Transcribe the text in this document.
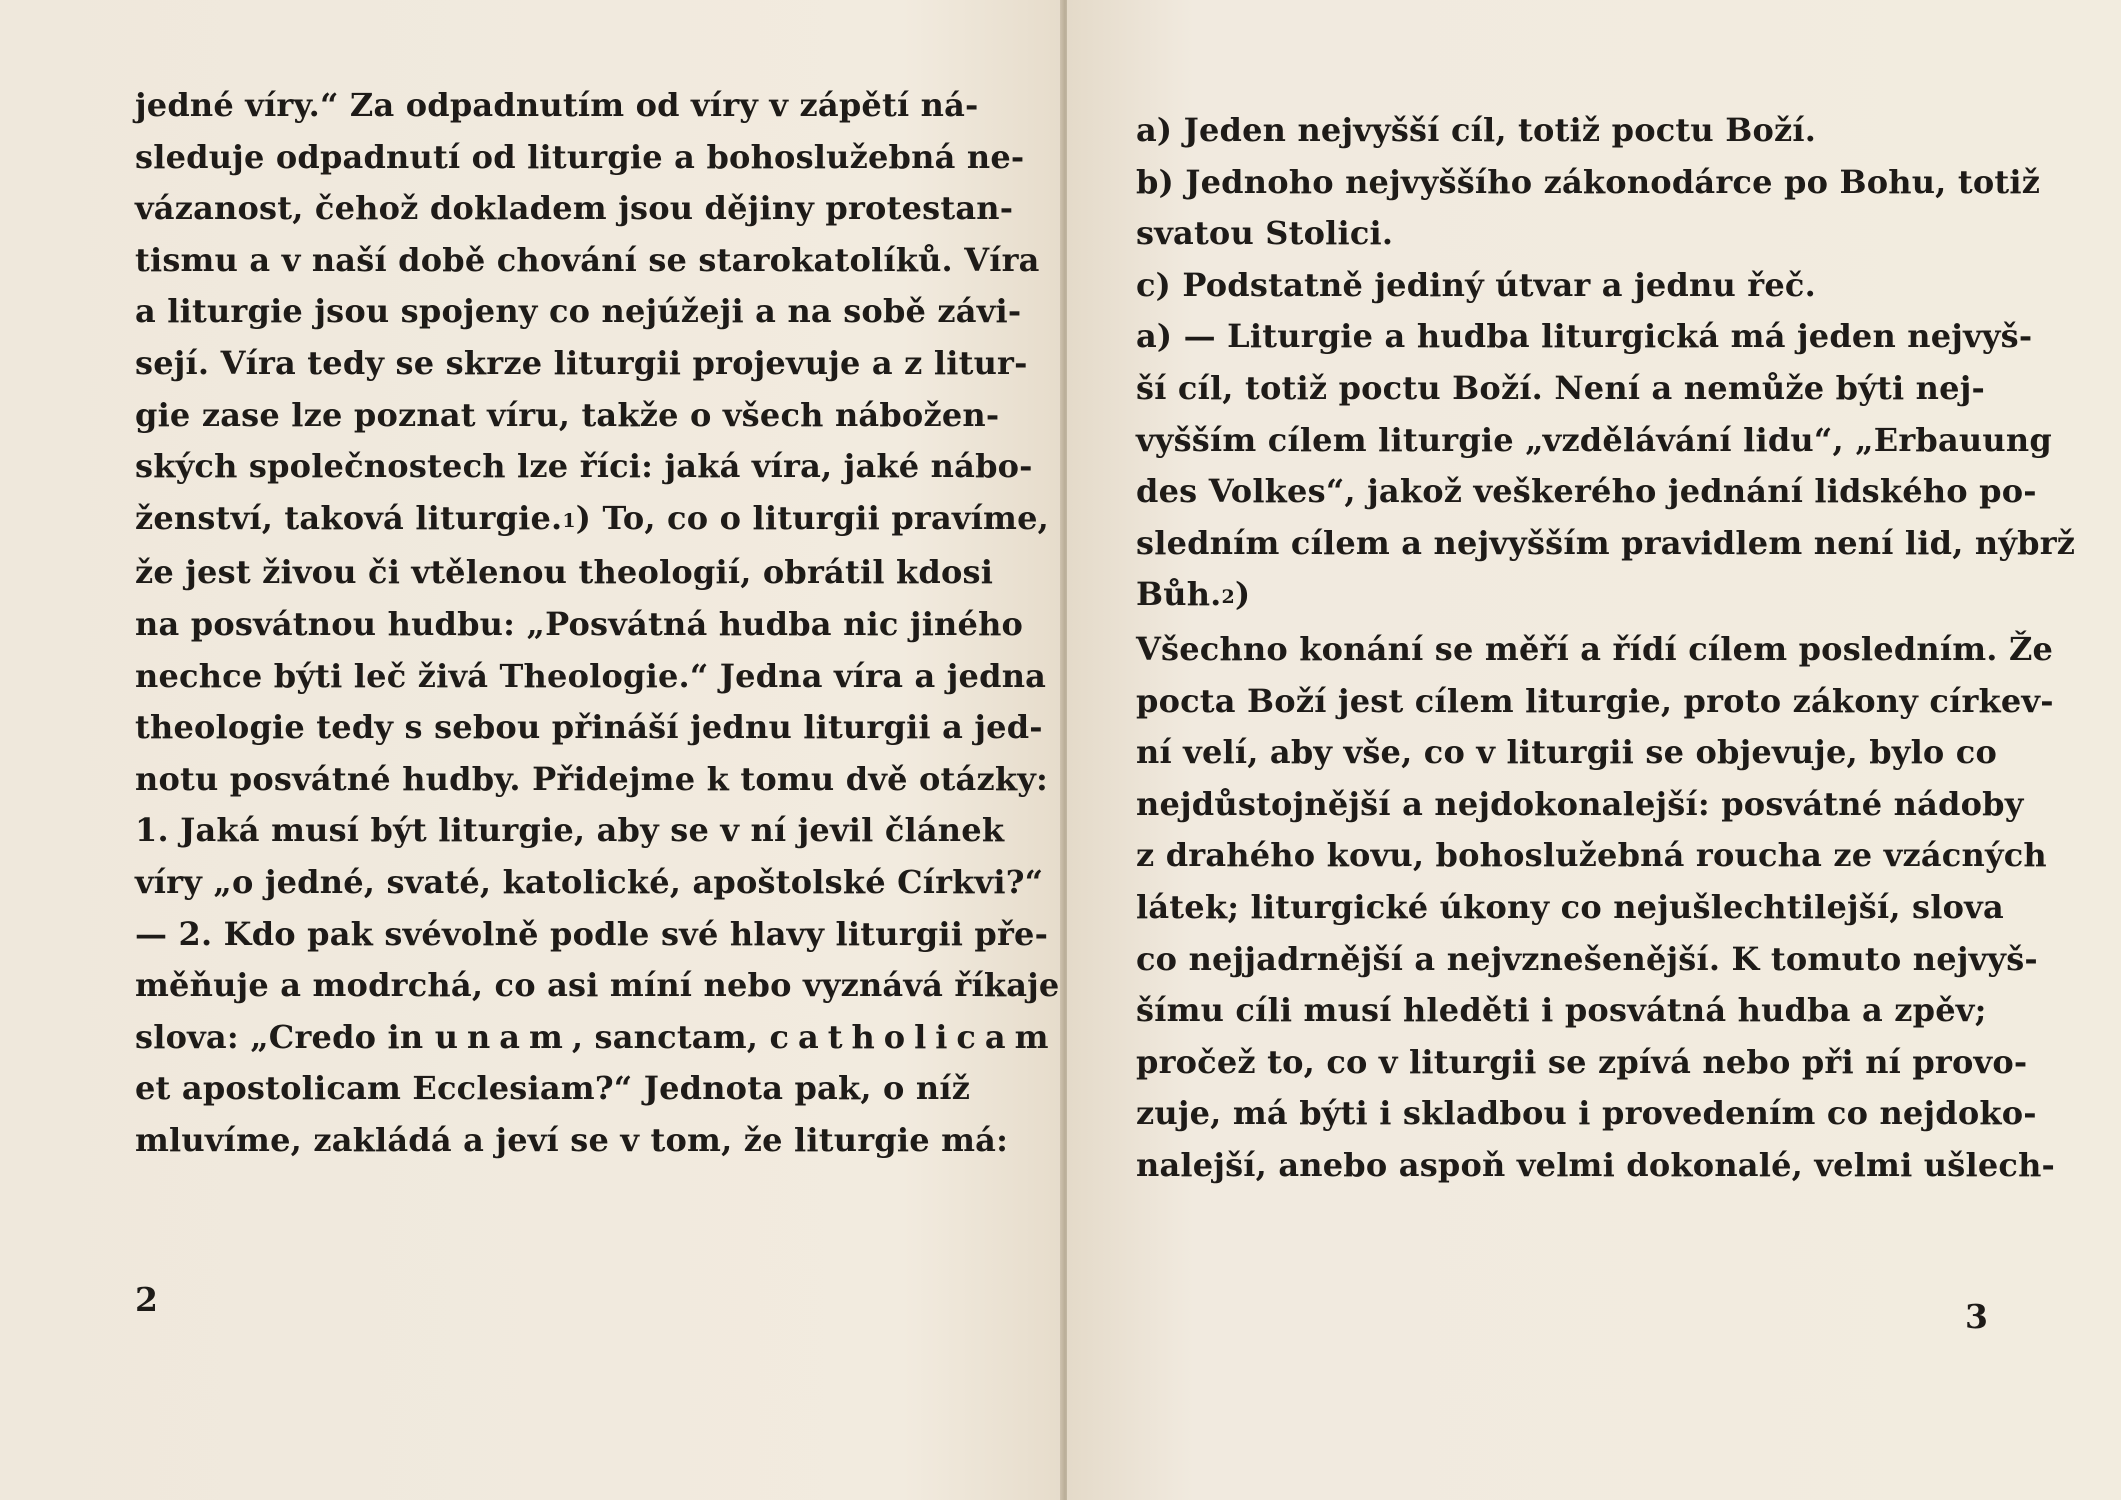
jedné víry.“ Za odpadnutím od víry v zápětí ná-
sleduje odpadnutí od liturgie a bohoslužebná ne-
vázanost, čehož dokladem jsou dějiny protestan-
tismu a v naší době chování se starokatolíků. Víra
a liturgie jsou spojeny co nejúžeji a na sobě závi-
sejí. Víra tedy se skrze liturgii projevuje a z litur-
gie zase lze poznat víru, takže o všech nábožen-
ských společnostech lze říci: jaká víra, jaké nábo-
ženství, taková liturgie.1) To, co o liturgii pravíme,
že jest živou či vtělenou theologií, obrátil kdosi
na posvátnou hudbu: „Posvátná hudba nic jiného
nechce býti leč živá Theologie.“ Jedna víra a jedna
theologie tedy s sebou přináší jednu liturgii a jed-
notu posvátné hudby. Přidejme k tomu dvě otázky:
1. Jaká musí být liturgie, aby se v ní jevil článek
víry „o jedné, svaté, katolické, apoštolské Církvi?“
— 2. Kdo pak svévolně podle své hlavy liturgii pře-
měňuje a modrchá, co asi míní nebo vyznává říkaje
slova: „Credo in unam, sanctam, catholicam
et apostolicam Ecclesiam?“ Jednota pak, o níž
mluvíme, zakládá a jeví se v tom, že liturgie má:
2
a) Jeden nejvyšší cíl, totiž poctu Boží.
b) Jednoho nejvyššího zákonodárce po Bohu, totiž
svatou Stolici.
c) Podstatně jediný útvar a jednu řeč.
a) — Liturgie a hudba liturgická má jeden nejvyš-
ší cíl, totiž poctu Boží. Není a nemůže býti nej-
vyšším cílem liturgie „vzdělávání lidu“, „Erbauung
des Volkes“, jakož veškerého jednání lidského po-
sledním cílem a nejvyšším pravidlem není lid, nýbrž
Bůh.2)
Všechno konání se měří a řídí cílem posledním. Že
pocta Boží jest cílem liturgie, proto zákony církev-
ní velí, aby vše, co v liturgii se objevuje, bylo co
nejdůstojnější a nejdokonalejší: posvátné nádoby
z drahého kovu, bohoslužebná roucha ze vzácných
látek; liturgické úkony co nejušlechtilejší, slova
co nejjadrnější a nejvznešenější. K tomuto nejvyš-
šímu cíli musí hleděti i posvátná hudba a zpěv;
pročež to, co v liturgii se zpívá nebo při ní provo-
zuje, má býti i skladbou i provedením co nejdoko-
nalejší, anebo aspoň velmi dokonalé, velmi ušlech-
3
